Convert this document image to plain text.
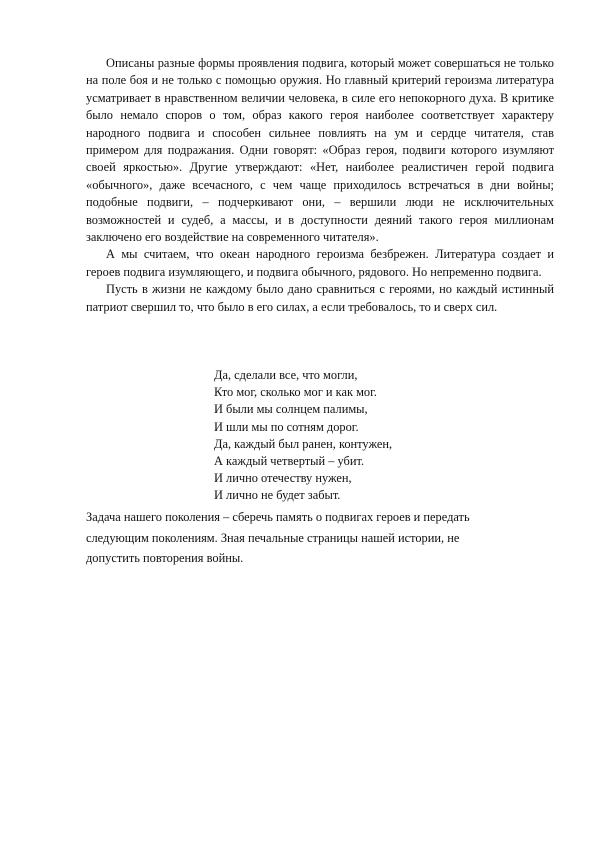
Описаны разные формы проявления подвига, который может совершаться не только на поле боя и не только с помощью оружия. Но главный критерий героизма литература усматривает в нравственном величии человека, в силе его непокорного духа. В критике было немало споров о том, образ какого героя наиболее соответствует характеру народного подвига и способен сильнее повлиять на ум и сердце читателя, став примером для подражания. Одни говорят: «Образ героя, подвиги которого изумляют своей яркостью». Другие утверждают: «Нет, наиболее реалистичен герой подвига «обычного», даже всечасного, с чем чаще приходилось встречаться в дни войны; подобные подвиги, – подчеркивают они, – вершили люди не исключительных возможностей и судеб, а массы, и в доступности деяний такого героя миллионам заключено его воздействие на современного читателя».

А мы считаем, что океан народного героизма безбрежен. Литература создает и героев подвига изумляющего, и подвига обычного, рядового. Но непременно подвига.

Пусть в жизни не каждому было дано сравниться с героями, но каждый истинный патриот свершил то, что было в его силах, а если требовалось, то и сверх сил.

Да, сделали все, что могли,
Кто мог, сколько мог и как мог.
И были мы солнцем палимы,
И шли мы по сотням дорог.
Да, каждый был ранен, контужен,
А каждый четвертый – убит.
И лично отечеству нужен,
И лично не будет забыт.
Задача нашего поколения – сберечь память о подвигах героев и передать
следующим поколениям. Зная печальные страницы нашей истории, не
допустить повторения войны.
